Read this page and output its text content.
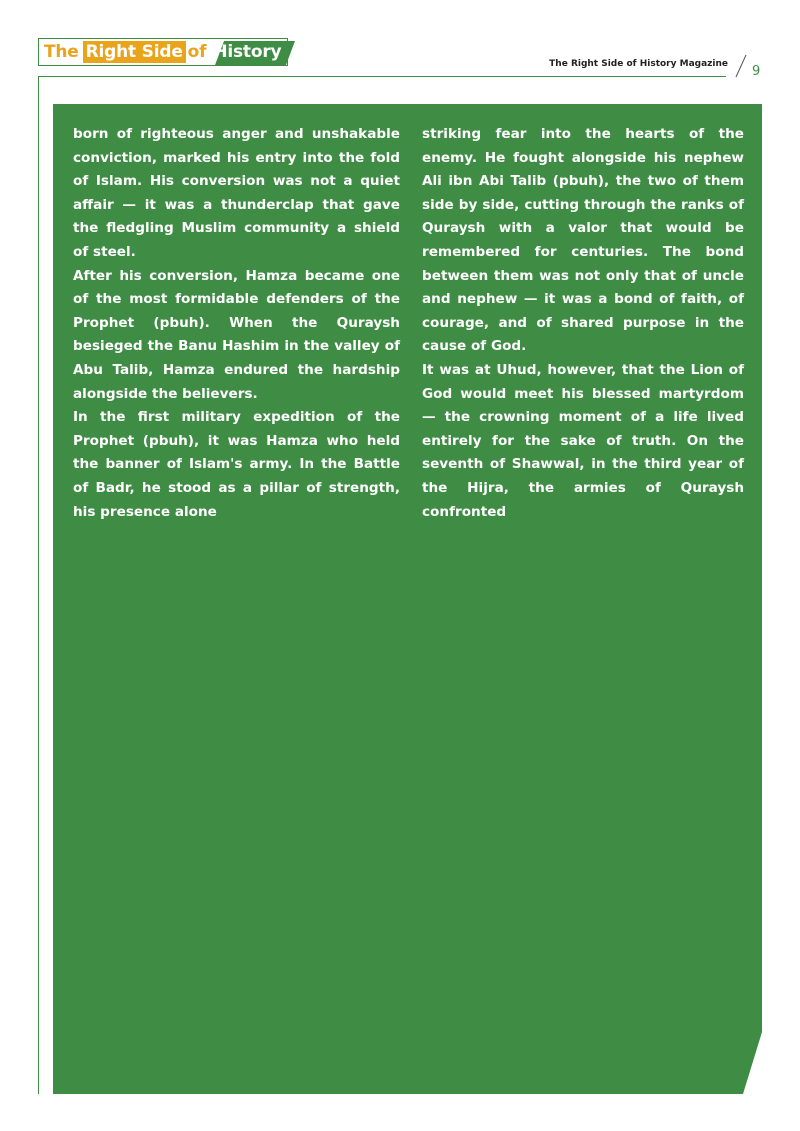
The Right Side of History
The Right Side of History Magazine 9

born of righteous anger and unshakable conviction, marked his entry into the fold of Islam. His conversion was not a quiet affair — it was a thunderclap that gave the fledgling Muslim community a shield of steel.

After his conversion, Hamza became one of the most formidable defenders of the Prophet (pbuh). When the Quraysh besieged the Banu Hashim in the valley of Abu Talib, Hamza endured the hardship alongside the believers.

In the first military expedition of the Prophet (pbuh), it was Hamza who held the banner of Islam's army. In the Battle of Badr, he stood as a pillar of strength, his presence alone

striking fear into the hearts of the enemy. He fought alongside his nephew Ali ibn Abi Talib (pbuh), the two of them side by side, cutting through the ranks of Quraysh with a valor that would be remembered for centuries. The bond between them was not only that of uncle and nephew — it was a bond of faith, of courage, and of shared purpose in the cause of God.

It was at Uhud, however, that the Lion of God would meet his blessed martyrdom — the crowning moment of a life lived entirely for the sake of truth. On the seventh of Shawwal, in the third year of the Hijra, the armies of Quraysh confronted
